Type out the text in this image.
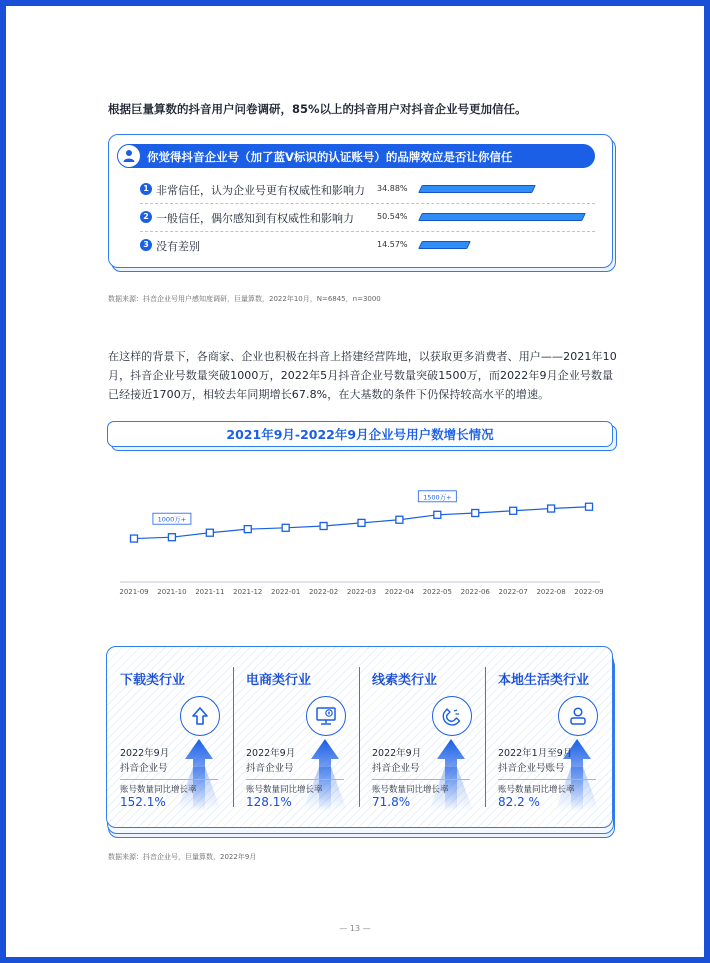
根据巨量算数的抖音用户问卷调研，85%以上的抖音用户对抖音企业号更加信任。
你觉得抖音企业号（加了蓝V标识的认证账号）的品牌效应是否让你信任
1 非常信任，认为企业号更有权威性和影响力 34.88%
2 一般信任，偶尔感知到有权威性和影响力	50.54%
3 没有差别	14.57%
数据来源：抖音企业号用户感知度调研，巨量算数，2022年10月，N=6845，n=3000
在这样的背景下，各商家、企业也积极在抖音上搭建经营阵地，以获取更多消费者、用户——2021年10月，抖音企业号数量突破1000万，2022年5月抖音企业号数量突破1500万，而2022年9月企业号数量已经接近1700万，相较去年同期增长67.8%，在大基数的条件下仍保持较高水平的增速。
2021年9月-2022年9月企业号用户数增长情况
2021-09 2021-10 2021-11 2021-12 2022-01 2022-02 2022-03 2022-04 2022-05 2022-06 2022-07 2022-08 2022-09
1000万+
1500万+
下载类行业
2022年9月
抖音企业号
账号数量同比增长率
152.1%
电商类行业
2022年9月
抖音企业号
账号数量同比增长率
128.1%
线索类行业
2022年9月
抖音企业号
账号数量同比增长率
71.8%
本地生活类行业
2022年1月至9月
抖音企业号账号
账号数量同比增长率
82.2 %
数据来源：抖音企业号，巨量算数，2022年9月
— 13 —
